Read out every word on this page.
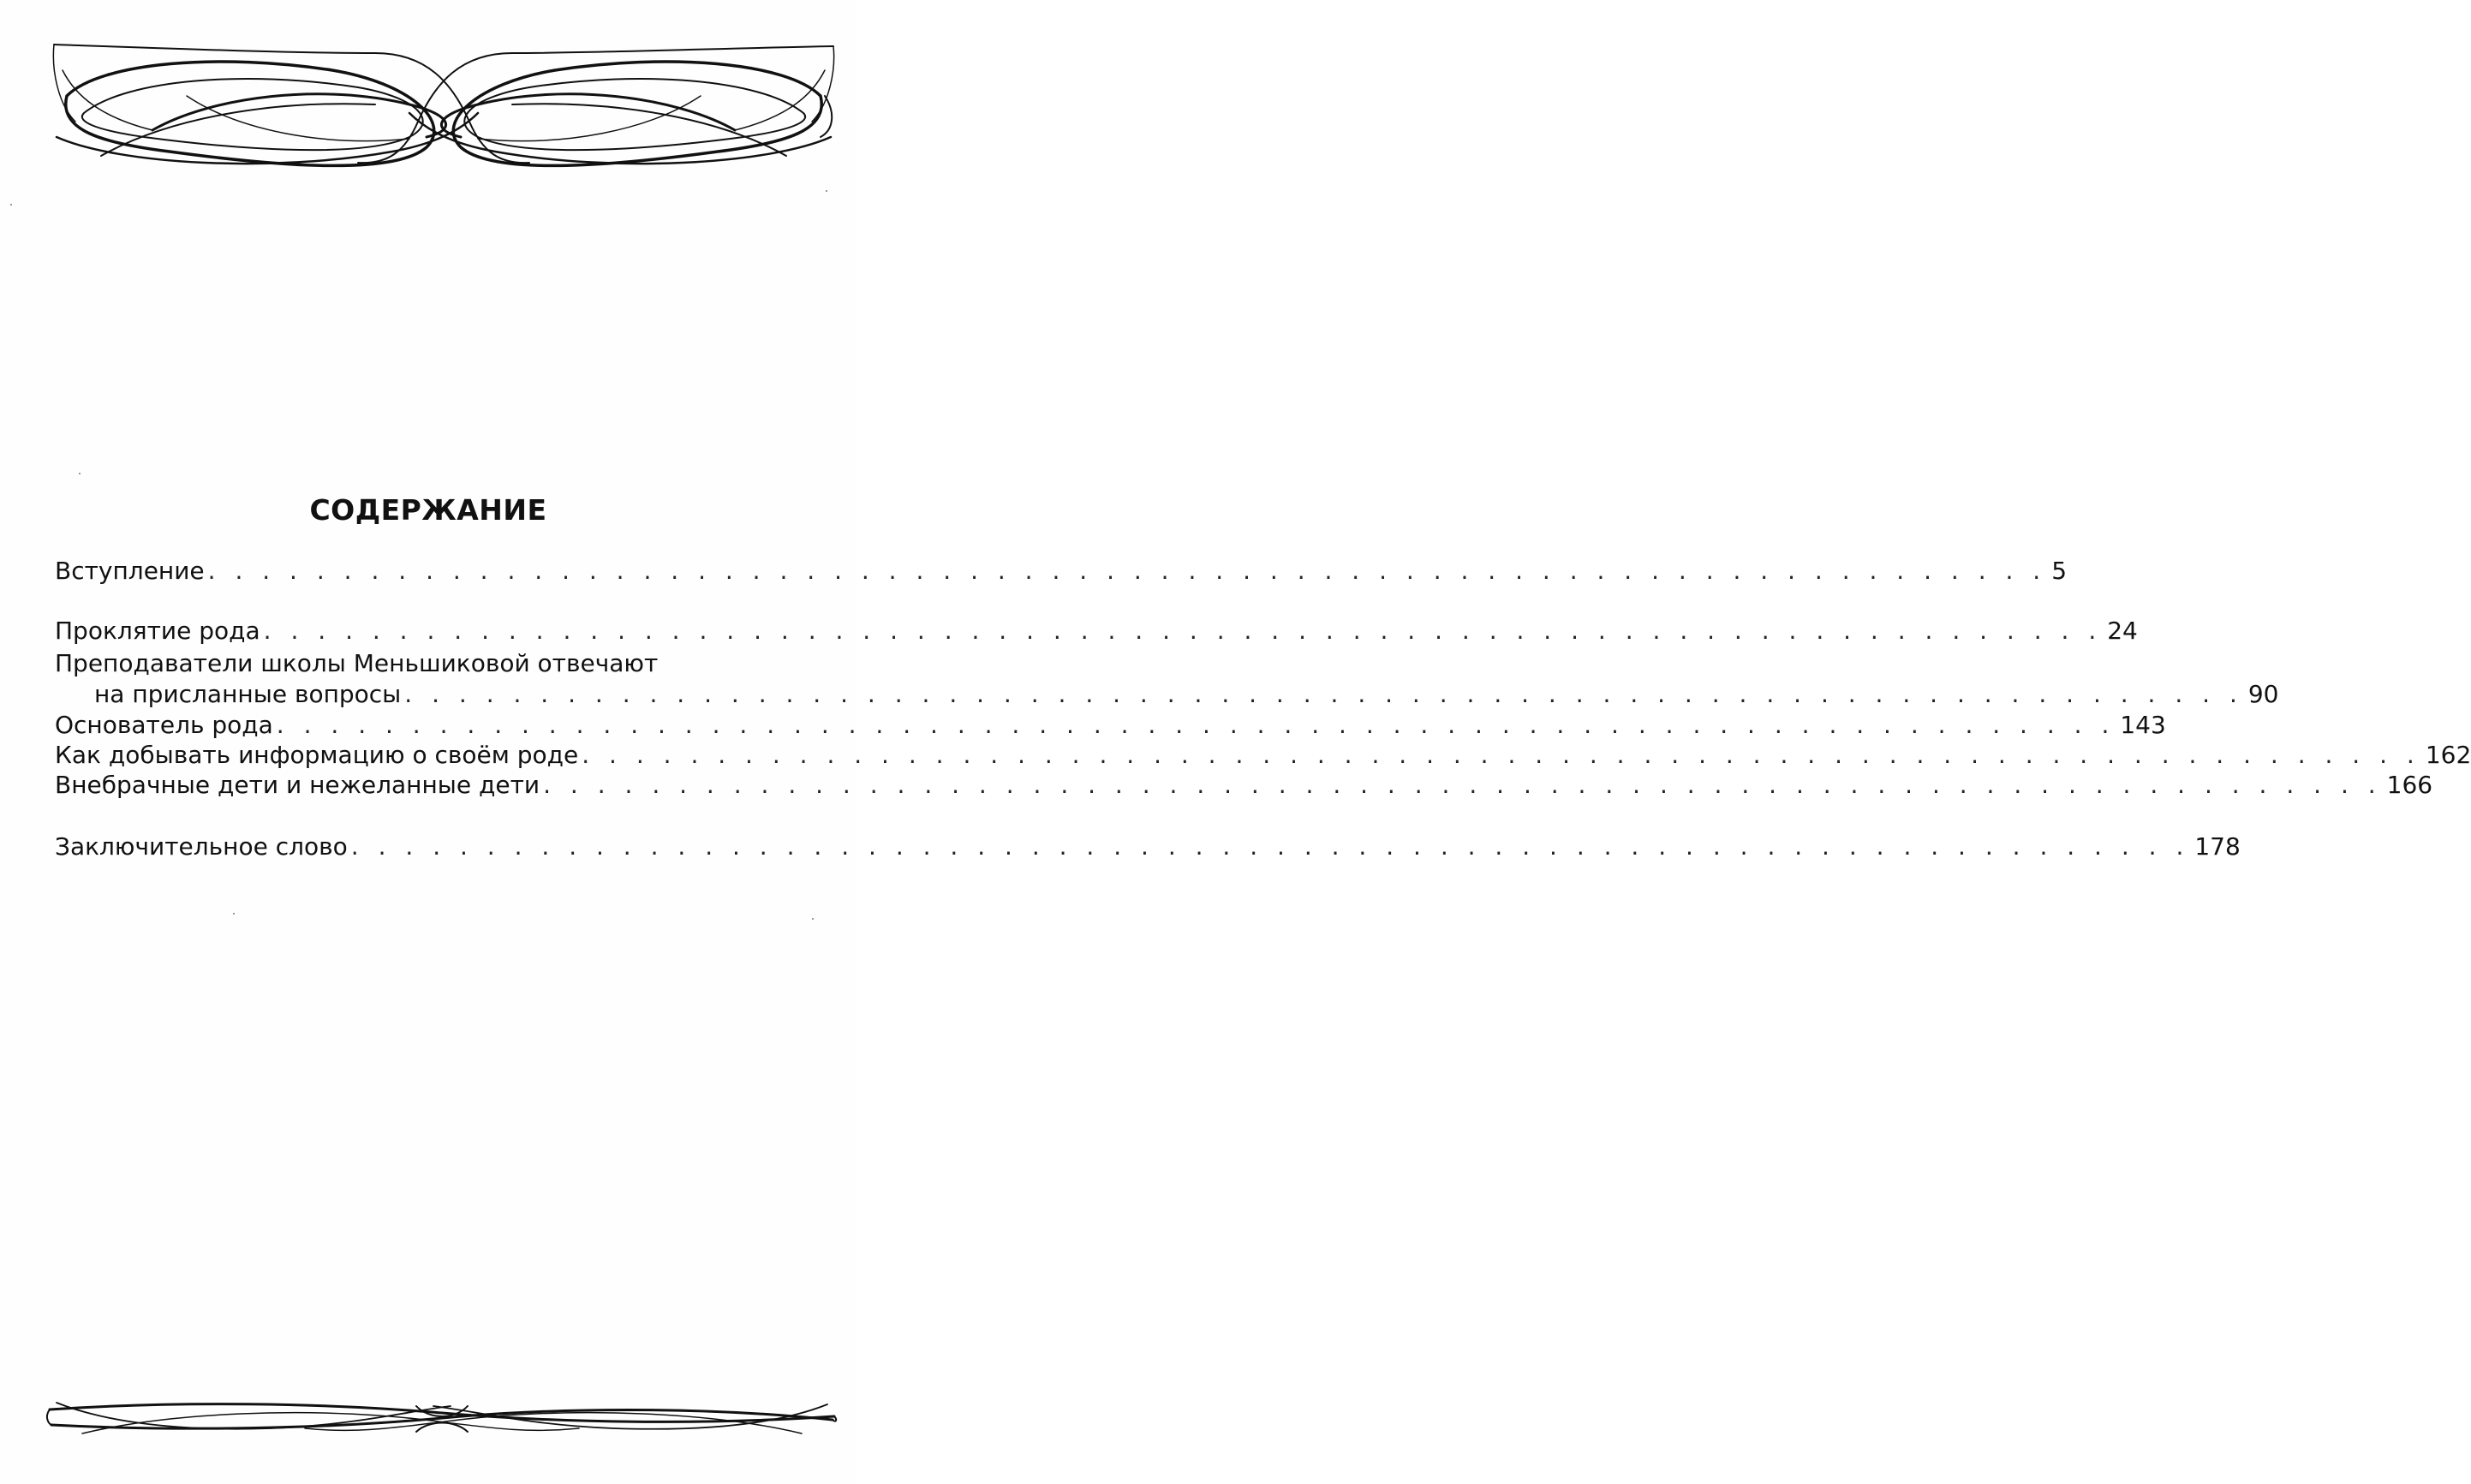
СОДЕРЖАНИЕ
Вступление . . . . . . . . . . . . . . . . . . . . . . . . . . . . . . . . . . . . . . . . . . . . . . . . . . . . . . . . . . . . . . . . . . . . 5
Проклятие рода . . . . . . . . . . . . . . . . . . . . . . . . . . . . . . . . . . . . . . . . . . . . . . . . . . . . . . . . . . . . . . . . . . . . 24
Преподаватели школы Меньшиковой отвечают
на присланные вопросы . . . . . . . . . . . . . . . . . . . . . . . . . . . . . . . . . . . . . . . . . . . . . . . . . . . . . . . . . . . . . . . . . . . . 90
Основатель рода . . . . . . . . . . . . . . . . . . . . . . . . . . . . . . . . . . . . . . . . . . . . . . . . . . . . . . . . . . . . . . . . . . . . 143
Как добывать информацию о своём роде . . . . . . . . . . . . . . . . . . . . . . . . . . . . . . . . . . . . . . . . . . . . . . . . . . . . . . . . . . . . . . . . . . . . 162
Внебрачные дети и нежеланные дети . . . . . . . . . . . . . . . . . . . . . . . . . . . . . . . . . . . . . . . . . . . . . . . . . . . . . . . . . . . . . . . . . . . . 166
Заключительное слово . . . . . . . . . . . . . . . . . . . . . . . . . . . . . . . . . . . . . . . . . . . . . . . . . . . . . . . . . . . . . . . . . . . . 178
